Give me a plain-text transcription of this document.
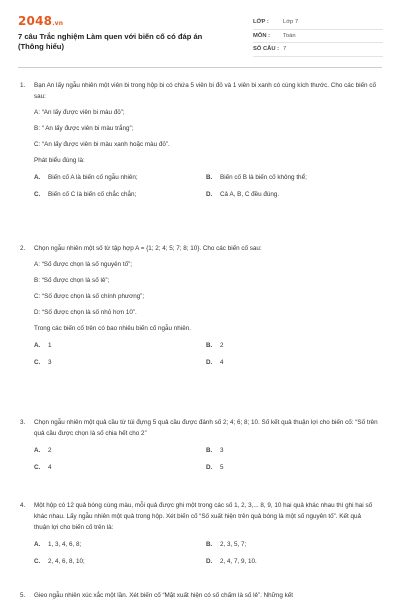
2048.vn
7 câu Trắc nghiệm Làm quen với biến cố có đáp án (Thông hiểu)
LỚP :	Lớp 7
MÔN :	Toán
SỐ CÂU : 7
1.	Bạn An lấy ngẫu nhiên một viên bi trong hộp bi có chứa 5 viên bi đỏ và 1 viên bi xanh có cùng kích thước. Cho các biến cố sau:
A: “An lấy được viên bi màu đỏ”;
B: “ An lấy được viên bi màu trắng”;
C: “An lấy được viên bi màu xanh hoặc màu đỏ”.
Phát biểu đúng là:
A.	Biến cố A là biến cố ngẫu nhiên;	B.	Biến cố B là biến cố không thể;
C.	Biến cố C là biến cố chắc chắn;	D.	Cả A, B, C đều đúng.
2.	Chọn ngẫu nhiên một số từ tập hợp A = {1; 2; 4; 5; 7; 8; 10}. Cho các biến cố sau:
A: “Số được chọn là số nguyên tố”;
B: “Số được chọn là số lẻ”;
C: “Số được chọn là số chính phương”;
D: “Số được chọn là số nhỏ hơn 10”.
Trong các biến cố trên có bao nhiêu biến cố ngẫu nhiên.
A.	1	B.	2
C.	3	D.	4
3.	Chọn ngẫu nhiên một quả cầu từ túi đựng 5 quả cầu được đánh số 2; 4; 6; 8; 10. Số kết quả thuận lợi cho biến cố: “Số trên quả cầu được chọn là số chia hết cho 2”
A.	2	B.	3
C.	4	D.	5
4.	Một hộp có 12 quả bóng cùng màu, mỗi quả được ghi một trong các số 1, 2, 3,... 8, 9, 10 hai quả khác nhau thì ghi hai số khác nhau. Lấy ngẫu nhiên một quả trong hộp. Xét biến cố “Số xuất hiện trên quả bóng là một số nguyên tố”. Kết quả thuận lợi cho biến cố trên là:
A.	1, 3, 4, 6, 8;	B.	2, 3, 5, 7;
C.	2, 4, 6, 8, 10;	D.	2, 4, 7, 9, 10.
5.	Gieo ngẫu nhiên xúc xắc một lần. Xét biến cố “Mặt xuất hiện có số chấm là số lẻ”. Những kết
